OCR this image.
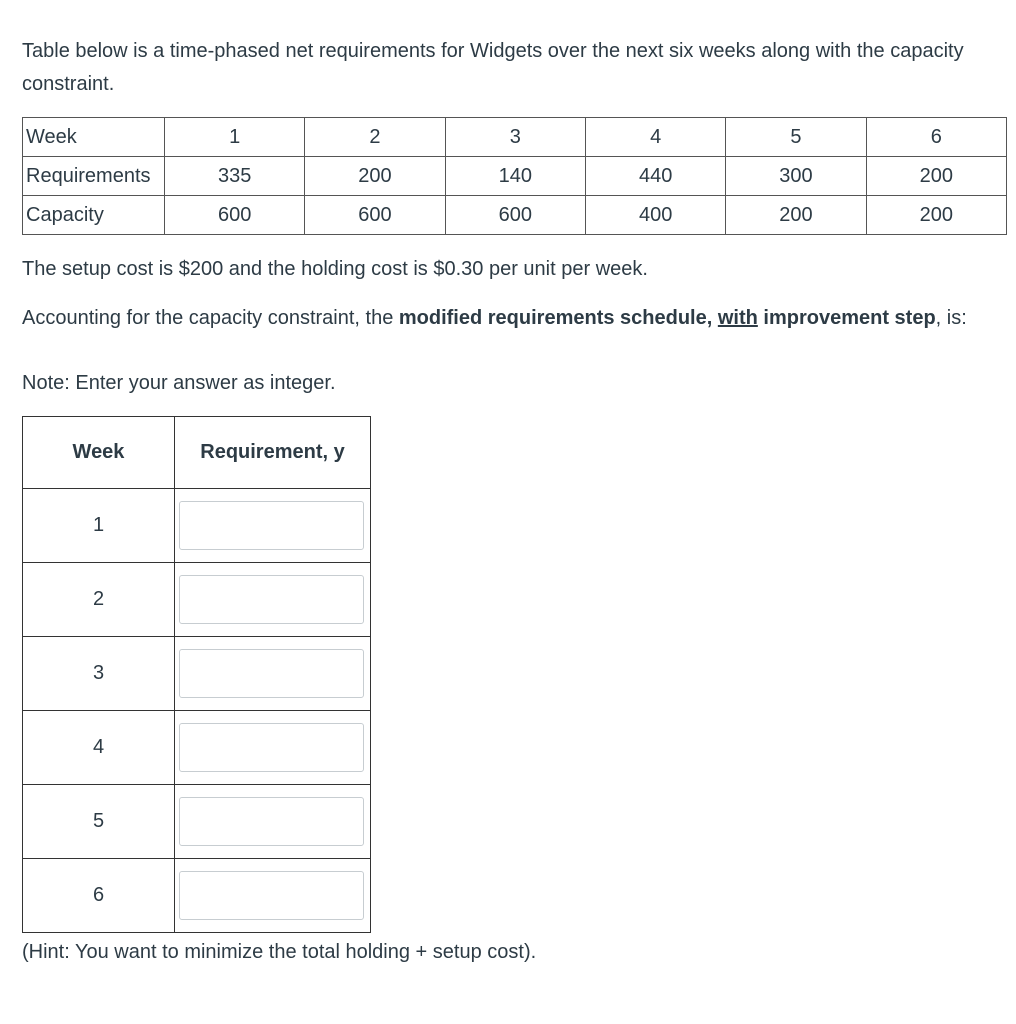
Table below is a time-phased net requirements for Widgets over the next six weeks along with the capacity constraint.

Week	1	2	3	4	5	6
Requirements	335	200	140	440	300	200
Capacity	600	600	600	400	200	200

The setup cost is $200 and the holding cost is $0.30 per unit per week.

Accounting for the capacity constraint, the modified requirements schedule, with improvement step, is:

Note: Enter your answer as integer.

Week	Requirement, y
1	

2	

3	

4	

5	

6	

(Hint: You want to minimize the total holding + setup cost).
